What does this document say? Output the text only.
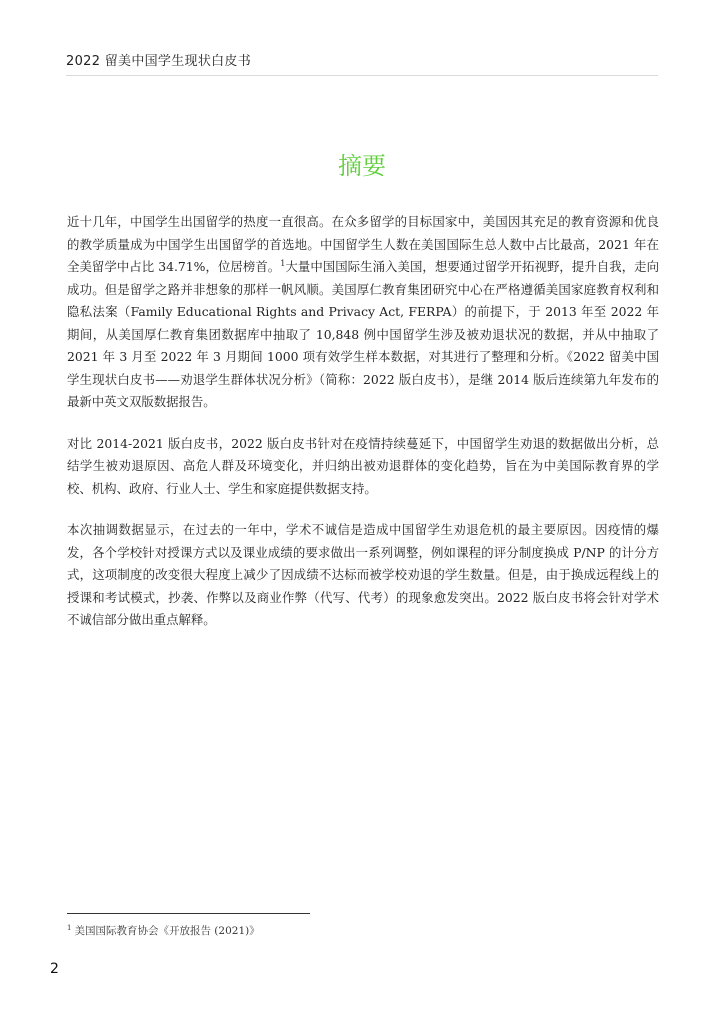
2022 留美中国学生现状白皮书
摘要

近十几年，中国学生出国留学的热度一直很高。在众多留学的目标国家中，美国因其充足的教育资源和优良的教学质量成为中国学生出国留学的首选地。中国留学生人数在美国国际生总人数中占比最高，2021 年在全美留学中占比 34.71%，位居榜首。$^1$大量中国国际生涌入美国，想要通过留学开拓视野，提升自我，走向成功。但是留学之路并非想象的那样一帆风顺。美国厚仁教育集团研究中心在严格遵循美国家庭教育权利和隐私法案（Family Educational Rights and Privacy Act, FERPA）的前提下，于 2013 年至 2022 年期间，从美国厚仁教育集团数据库中抽取了 10,848 例中国留学生涉及被劝退状况的数据，并从中抽取了 2021 年 3 月至 2022 年 3 月期间 1000 项有效学生样本数据，对其进行了整理和分析。《2022 留美中国学生现状白皮书——劝退学生群体状况分析》（简称：2022 版白皮书），是继 2014 版后连续第九年发布的最新中英文双版数据报告。

对比 2014-2021 版白皮书，2022 版白皮书针对在疫情持续蔓延下，中国留学生劝退的数据做出分析，总结学生被劝退原因、高危人群及环境变化，并归纳出被劝退群体的变化趋势，旨在为中美国际教育界的学校、机构、政府、行业人士、学生和家庭提供数据支持。

本次抽调数据显示，在过去的一年中，学术不诚信是造成中国留学生劝退危机的最主要原因。因疫情的爆发，各个学校针对授课方式以及课业成绩的要求做出一系列调整，例如课程的评分制度换成 P/NP 的计分方式，这项制度的改变很大程度上减少了因成绩不达标而被学校劝退的学生数量。但是，由于换成远程线上的授课和考试模式，抄袭、作弊以及商业作弊（代写、代考）的现象愈发突出。2022 版白皮书将会针对学术不诚信部分做出重点解释。

$^1$ 美国国际教育协会《开放报告 (2021)》
2
